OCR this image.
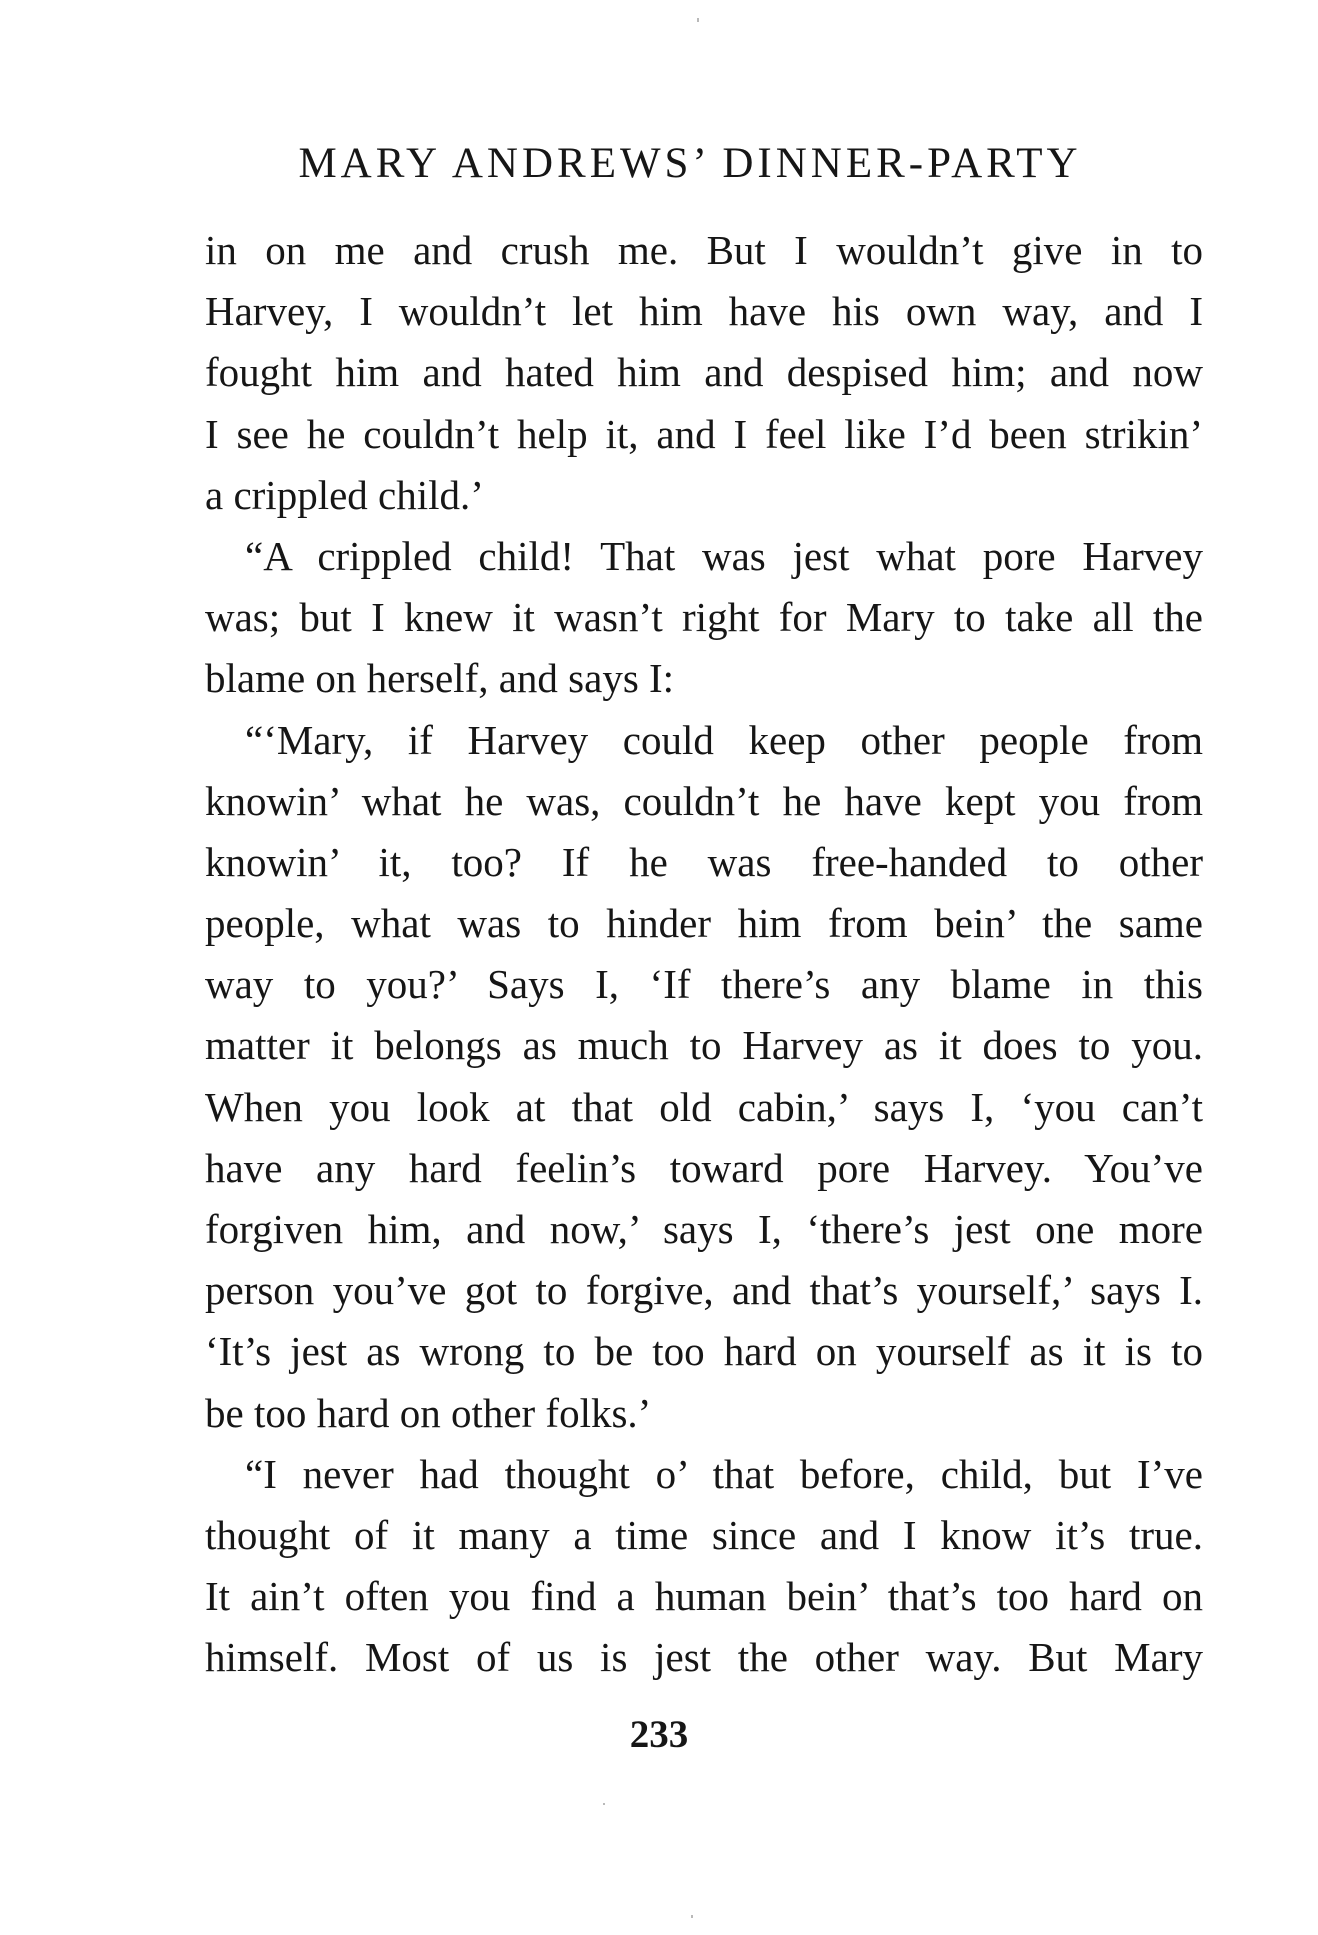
MARY ANDREWS’ DINNER-PARTY
in on me and crush me. But I wouldn’t give in to
Harvey, I wouldn’t let him have his own way, and I
fought him and hated him and despised him; and now
I see he couldn’t help it, and I feel like I’d been strikin’
a crippled child.’
“A crippled child! That was jest what pore Harvey
was; but I knew it wasn’t right for Mary to take all the
blame on herself, and says I:
“‘Mary, if Harvey could keep other people from
knowin’ what he was, couldn’t he have kept you from
knowin’ it, too? If he was free-handed to other
people, what was to hinder him from bein’ the same
way to you?’ Says I, ‘If there’s any blame in this
matter it belongs as much to Harvey as it does to you.
When you look at that old cabin,’ says I, ‘you can’t
have any hard feelin’s toward pore Harvey. You’ve
forgiven him, and now,’ says I, ‘there’s jest one more
person you’ve got to forgive, and that’s yourself,’ says I.
‘It’s jest as wrong to be too hard on yourself as it is to
be too hard on other folks.’
“I never had thought o’ that before, child, but I’ve
thought of it many a time since and I know it’s true.
It ain’t often you find a human bein’ that’s too hard on
himself. Most of us is jest the other way. But Mary
233
